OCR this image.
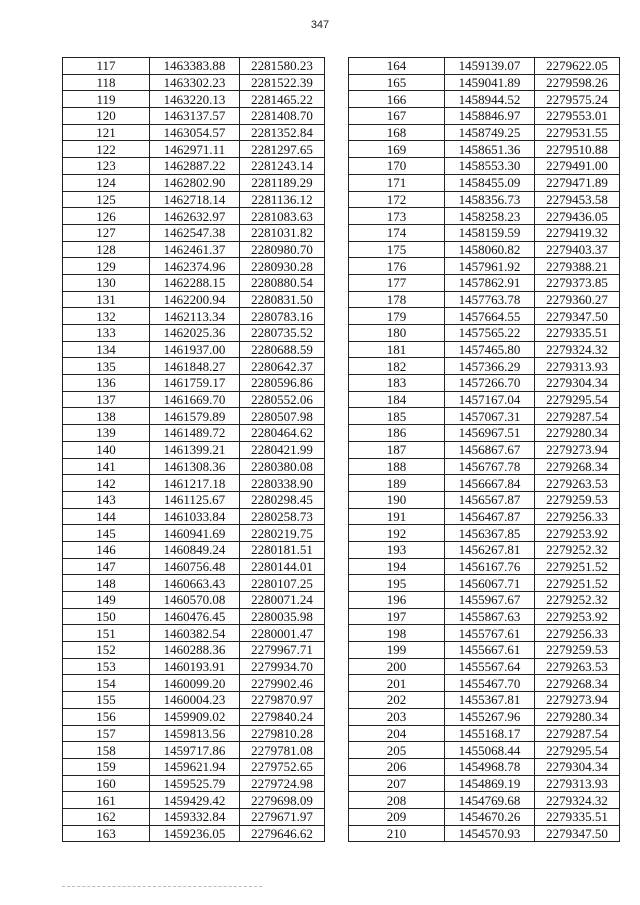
347
117	1463383.88	2281580.23
118	1463302.23	2281522.39
119	1463220.13	2281465.22
120	1463137.57	2281408.70
121	1463054.57	2281352.84
122	1462971.11	2281297.65
123	1462887.22	2281243.14
124	1462802.90	2281189.29
125	1462718.14	2281136.12
126	1462632.97	2281083.63
127	1462547.38	2281031.82
128	1462461.37	2280980.70
129	1462374.96	2280930.28
130	1462288.15	2280880.54
131	1462200.94	2280831.50
132	1462113.34	2280783.16
133	1462025.36	2280735.52
134	1461937.00	2280688.59
135	1461848.27	2280642.37
136	1461759.17	2280596.86
137	1461669.70	2280552.06
138	1461579.89	2280507.98
139	1461489.72	2280464.62
140	1461399.21	2280421.99
141	1461308.36	2280380.08
142	1461217.18	2280338.90
143	1461125.67	2280298.45
144	1461033.84	2280258.73
145	1460941.69	2280219.75
146	1460849.24	2280181.51
147	1460756.48	2280144.01
148	1460663.43	2280107.25
149	1460570.08	2280071.24
150	1460476.45	2280035.98
151	1460382.54	2280001.47
152	1460288.36	2279967.71
153	1460193.91	2279934.70
154	1460099.20	2279902.46
155	1460004.23	2279870.97
156	1459909.02	2279840.24
157	1459813.56	2279810.28
158	1459717.86	2279781.08
159	1459621.94	2279752.65
160	1459525.79	2279724.98
161	1459429.42	2279698.09
162	1459332.84	2279671.97
163	1459236.05	2279646.62
164	1459139.07	2279622.05
165	1459041.89	2279598.26
166	1458944.52	2279575.24
167	1458846.97	2279553.01
168	1458749.25	2279531.55
169	1458651.36	2279510.88
170	1458553.30	2279491.00
171	1458455.09	2279471.89
172	1458356.73	2279453.58
173	1458258.23	2279436.05
174	1458159.59	2279419.32
175	1458060.82	2279403.37
176	1457961.92	2279388.21
177	1457862.91	2279373.85
178	1457763.78	2279360.27
179	1457664.55	2279347.50
180	1457565.22	2279335.51
181	1457465.80	2279324.32
182	1457366.29	2279313.93
183	1457266.70	2279304.34
184	1457167.04	2279295.54
185	1457067.31	2279287.54
186	1456967.51	2279280.34
187	1456867.67	2279273.94
188	1456767.78	2279268.34
189	1456667.84	2279263.53
190	1456567.87	2279259.53
191	1456467.87	2279256.33
192	1456367.85	2279253.92
193	1456267.81	2279252.32
194	1456167.76	2279251.52
195	1456067.71	2279251.52
196	1455967.67	2279252.32
197	1455867.63	2279253.92
198	1455767.61	2279256.33
199	1455667.61	2279259.53
200	1455567.64	2279263.53
201	1455467.70	2279268.34
202	1455367.81	2279273.94
203	1455267.96	2279280.34
204	1455168.17	2279287.54
205	1455068.44	2279295.54
206	1454968.78	2279304.34
207	1454869.19	2279313.93
208	1454769.68	2279324.32
209	1454670.26	2279335.51
210	1454570.93	2279347.50
